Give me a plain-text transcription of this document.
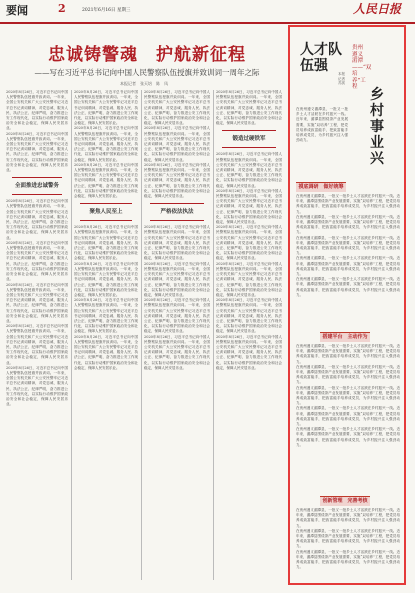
要闻	2	2021年6月16日 星期三	人民日报
忠诚铸警魂　护航新征程
——写在习近平总书记向中国人民警察队伍授旗并致训词一周年之际
本报记者　张天培　陈　凤

2020年8月26日，习近平总书记向中国人民警察队伍授旗并致训词。一年来，全国公安机关和广大公安民警牢记习近平总书记训词精神，对党忠诚、服务人民、执法公正、纪律严明，奋力推进公安工作现代化，以实际行动维护国家政治安全和社会稳定，保障人民安居乐业。

2020年8月26日，习近平总书记向中国人民警察队伍授旗并致训词。一年来，全国公安机关和广大公安民警牢记习近平总书记训词精神，对党忠诚、服务人民、执法公正、纪律严明，奋力推进公安工作现代化，以实际行动维护国家政治安全和社会稳定，保障人民安居乐业。

全面推进忠诚警务

2020年8月26日，习近平总书记向中国人民警察队伍授旗并致训词。一年来，全国公安机关和广大公安民警牢记习近平总书记训词精神，对党忠诚、服务人民、执法公正、纪律严明，奋力推进公安工作现代化，以实际行动维护国家政治安全和社会稳定，保障人民安居乐业。

2020年8月26日，习近平总书记向中国人民警察队伍授旗并致训词。一年来，全国公安机关和广大公安民警牢记习近平总书记训词精神，对党忠诚、服务人民、执法公正、纪律严明，奋力推进公安工作现代化，以实际行动维护国家政治安全和社会稳定，保障人民安居乐业。

2020年8月26日，习近平总书记向中国人民警察队伍授旗并致训词。一年来，全国公安机关和广大公安民警牢记习近平总书记训词精神，对党忠诚、服务人民、执法公正、纪律严明，奋力推进公安工作现代化，以实际行动维护国家政治安全和社会稳定，保障人民安居乐业。

2020年8月26日，习近平总书记向中国人民警察队伍授旗并致训词。一年来，全国公安机关和广大公安民警牢记习近平总书记训词精神，对党忠诚、服务人民、执法公正、纪律严明，奋力推进公安工作现代化，以实际行动维护国家政治安全和社会稳定，保障人民安居乐业。

2020年8月26日，习近平总书记向中国人民警察队伍授旗并致训词。一年来，全国公安机关和广大公安民警牢记习近平总书记训词精神，对党忠诚、服务人民、执法公正、纪律严明，奋力推进公安工作现代化，以实际行动维护国家政治安全和社会稳定，保障人民安居乐业。

2020年8月26日，习近平总书记向中国人民警察队伍授旗并致训词。一年来，全国公安机关和广大公安民警牢记习近平总书记训词精神，对党忠诚、服务人民、执法公正、纪律严明，奋力推进公安工作现代化，以实际行动维护国家政治安全和社会稳定，保障人民安居乐业。

2020年8月26日，习近平总书记向中国人民警察队伍授旗并致训词。一年来，全国公安机关和广大公安民警牢记习近平总书记训词精神，对党忠诚、服务人民、执法公正、纪律严明，奋力推进公安工作现代化，以实际行动维护国家政治安全和社会稳定，保障人民安居乐业。

2020年8月26日，习近平总书记向中国人民警察队伍授旗并致训词。一年来，全国公安机关和广大公安民警牢记习近平总书记训词精神，对党忠诚、服务人民、执法公正、纪律严明，奋力推进公安工作现代化，以实际行动维护国家政治安全和社会稳定，保障人民安居乐业。

聚焦人民至上

2020年8月26日，习近平总书记向中国人民警察队伍授旗并致训词。一年来，全国公安机关和广大公安民警牢记习近平总书记训词精神，对党忠诚、服务人民、执法公正、纪律严明，奋力推进公安工作现代化，以实际行动维护国家政治安全和社会稳定，保障人民安居乐业。

2020年8月26日，习近平总书记向中国人民警察队伍授旗并致训词。一年来，全国公安机关和广大公安民警牢记习近平总书记训词精神，对党忠诚、服务人民、执法公正、纪律严明，奋力推进公安工作现代化，以实际行动维护国家政治安全和社会稳定，保障人民安居乐业。

2020年8月26日，习近平总书记向中国人民警察队伍授旗并致训词。一年来，全国公安机关和广大公安民警牢记习近平总书记训词精神，对党忠诚、服务人民、执法公正、纪律严明，奋力推进公安工作现代化，以实际行动维护国家政治安全和社会稳定，保障人民安居乐业。

2020年8月26日，习近平总书记向中国人民警察队伍授旗并致训词。一年来，全国公安机关和广大公安民警牢记习近平总书记训词精神，对党忠诚、服务人民、执法公正、纪律严明，奋力推进公安工作现代化，以实际行动维护国家政治安全和社会稳定，保障人民安居乐业。

2020年8月26日，习近平总书记向中国人民警察队伍授旗并致训词。一年来，全国公安机关和广大公安民警牢记习近平总书记训词精神，对党忠诚、服务人民、执法公正、纪律严明，奋力推进公安工作现代化，以实际行动维护国家政治安全和社会稳定，保障人民安居乐业。

2020年8月26日，习近平总书记向中国人民警察队伍授旗并致训词。一年来，全国公安机关和广大公安民警牢记习近平总书记训词精神，对党忠诚、服务人民、执法公正、纪律严明，奋力推进公安工作现代化，以实际行动维护国家政治安全和社会稳定，保障人民安居乐业。

2020年8月26日，习近平总书记向中国人民警察队伍授旗并致训词。一年来，全国公安机关和广大公安民警牢记习近平总书记训词精神，对党忠诚、服务人民、执法公正、纪律严明，奋力推进公安工作现代化，以实际行动维护国家政治安全和社会稳定，保障人民安居乐业。

严格依法执法

2020年8月26日，习近平总书记向中国人民警察队伍授旗并致训词。一年来，全国公安机关和广大公安民警牢记习近平总书记训词精神，对党忠诚、服务人民、执法公正、纪律严明，奋力推进公安工作现代化，以实际行动维护国家政治安全和社会稳定，保障人民安居乐业。

2020年8月26日，习近平总书记向中国人民警察队伍授旗并致训词。一年来，全国公安机关和广大公安民警牢记习近平总书记训词精神，对党忠诚、服务人民、执法公正、纪律严明，奋力推进公安工作现代化，以实际行动维护国家政治安全和社会稳定，保障人民安居乐业。

2020年8月26日，习近平总书记向中国人民警察队伍授旗并致训词。一年来，全国公安机关和广大公安民警牢记习近平总书记训词精神，对党忠诚、服务人民、执法公正、纪律严明，奋力推进公安工作现代化，以实际行动维护国家政治安全和社会稳定，保障人民安居乐业。

2020年8月26日，习近平总书记向中国人民警察队伍授旗并致训词。一年来，全国公安机关和广大公安民警牢记习近平总书记训词精神，对党忠诚、服务人民、执法公正、纪律严明，奋力推进公安工作现代化，以实际行动维护国家政治安全和社会稳定，保障人民安居乐业。

2020年8月26日，习近平总书记向中国人民警察队伍授旗并致训词。一年来，全国公安机关和广大公安民警牢记习近平总书记训词精神，对党忠诚、服务人民、执法公正、纪律严明，奋力推进公安工作现代化，以实际行动维护国家政治安全和社会稳定，保障人民安居乐业。

锻造过硬铁军

2020年8月26日，习近平总书记向中国人民警察队伍授旗并致训词。一年来，全国公安机关和广大公安民警牢记习近平总书记训词精神，对党忠诚、服务人民、执法公正、纪律严明，奋力推进公安工作现代化，以实际行动维护国家政治安全和社会稳定，保障人民安居乐业。

2020年8月26日，习近平总书记向中国人民警察队伍授旗并致训词。一年来，全国公安机关和广大公安民警牢记习近平总书记训词精神，对党忠诚、服务人民、执法公正、纪律严明，奋力推进公安工作现代化，以实际行动维护国家政治安全和社会稳定，保障人民安居乐业。

2020年8月26日，习近平总书记向中国人民警察队伍授旗并致训词。一年来，全国公安机关和广大公安民警牢记习近平总书记训词精神，对党忠诚、服务人民、执法公正、纪律严明，奋力推进公安工作现代化，以实际行动维护国家政治安全和社会稳定，保障人民安居乐业。

2020年8月26日，习近平总书记向中国人民警察队伍授旗并致训词。一年来，全国公安机关和广大公安民警牢记习近平总书记训词精神，对党忠诚、服务人民、执法公正、纪律严明，奋力推进公安工作现代化，以实际行动维护国家政治安全和社会稳定，保障人民安居乐业。

2020年8月26日，习近平总书记向中国人民警察队伍授旗并致训词。一年来，全国公安机关和广大公安民警牢记习近平总书记训词精神，对党忠诚、服务人民、执法公正、纪律严明，奋力推进公安工作现代化，以实际行动维护国家政治安全和社会稳定，保障人民安居乐业。

2020年8月26日，习近平总书记向中国人民警察队伍授旗并致训词。一年来，全国公安机关和广大公安民警牢记习近平总书记训词精神，对党忠诚、服务人民、执法公正、纪律严明，奋力推进公安工作现代化，以实际行动维护国家政治安全和社会稳定，保障人民安居乐业。

人才队伍强	本报记者　苏滨
贵州遵义湄潭——“双培养”工程 乡村事业兴

在贵州遵义湄潭县，一批又一批乡土人才活跃在乡村振兴一线。近年来，湄潭县围绕茶产业发展需要，实施“双培养”工程，把党员培养成致富能手，把致富能手培养成党员，为乡村振兴注入强劲动力。

摸底调研　做好统筹

在贵州遵义湄潭县，一批又一批乡土人才活跃在乡村振兴一线。近年来，湄潭县围绕茶产业发展需要，实施“双培养”工程，把党员培养成致富能手，把致富能手培养成党员，为乡村振兴注入强劲动力。

在贵州遵义湄潭县，一批又一批乡土人才活跃在乡村振兴一线。近年来，湄潭县围绕茶产业发展需要，实施“双培养”工程，把党员培养成致富能手，把致富能手培养成党员，为乡村振兴注入强劲动力。

在贵州遵义湄潭县，一批又一批乡土人才活跃在乡村振兴一线。近年来，湄潭县围绕茶产业发展需要，实施“双培养”工程，把党员培养成致富能手，把致富能手培养成党员，为乡村振兴注入强劲动力。

在贵州遵义湄潭县，一批又一批乡土人才活跃在乡村振兴一线。近年来，湄潭县围绕茶产业发展需要，实施“双培养”工程，把党员培养成致富能手，把致富能手培养成党员，为乡村振兴注入强劲动力。

在贵州遵义湄潭县，一批又一批乡土人才活跃在乡村振兴一线。近年来，湄潭县围绕茶产业发展需要，实施“双培养”工程，把党员培养成致富能手，把致富能手培养成党员，为乡村振兴注入强劲动力。

搭建平台　主动作为

在贵州遵义湄潭县，一批又一批乡土人才活跃在乡村振兴一线。近年来，湄潭县围绕茶产业发展需要，实施“双培养”工程，把党员培养成致富能手，把致富能手培养成党员，为乡村振兴注入强劲动力。

在贵州遵义湄潭县，一批又一批乡土人才活跃在乡村振兴一线。近年来，湄潭县围绕茶产业发展需要，实施“双培养”工程，把党员培养成致富能手，把致富能手培养成党员，为乡村振兴注入强劲动力。

在贵州遵义湄潭县，一批又一批乡土人才活跃在乡村振兴一线。近年来，湄潭县围绕茶产业发展需要，实施“双培养”工程，把党员培养成致富能手，把致富能手培养成党员，为乡村振兴注入强劲动力。

在贵州遵义湄潭县，一批又一批乡土人才活跃在乡村振兴一线。近年来，湄潭县围绕茶产业发展需要，实施“双培养”工程，把党员培养成致富能手，把致富能手培养成党员，为乡村振兴注入强劲动力。

在贵州遵义湄潭县，一批又一批乡土人才活跃在乡村振兴一线。近年来，湄潭县围绕茶产业发展需要，实施“双培养”工程，把党员培养成致富能手，把致富能手培养成党员，为乡村振兴注入强劲动力。

创新管理　完善考核

在贵州遵义湄潭县，一批又一批乡土人才活跃在乡村振兴一线。近年来，湄潭县围绕茶产业发展需要，实施“双培养”工程，把党员培养成致富能手，把致富能手培养成党员，为乡村振兴注入强劲动力。

在贵州遵义湄潭县，一批又一批乡土人才活跃在乡村振兴一线。近年来，湄潭县围绕茶产业发展需要，实施“双培养”工程，把党员培养成致富能手，把致富能手培养成党员，为乡村振兴注入强劲动力。

在贵州遵义湄潭县，一批又一批乡土人才活跃在乡村振兴一线。近年来，湄潭县围绕茶产业发展需要，实施“双培养”工程，把党员培养成致富能手，把致富能手培养成党员，为乡村振兴注入强劲动力。
